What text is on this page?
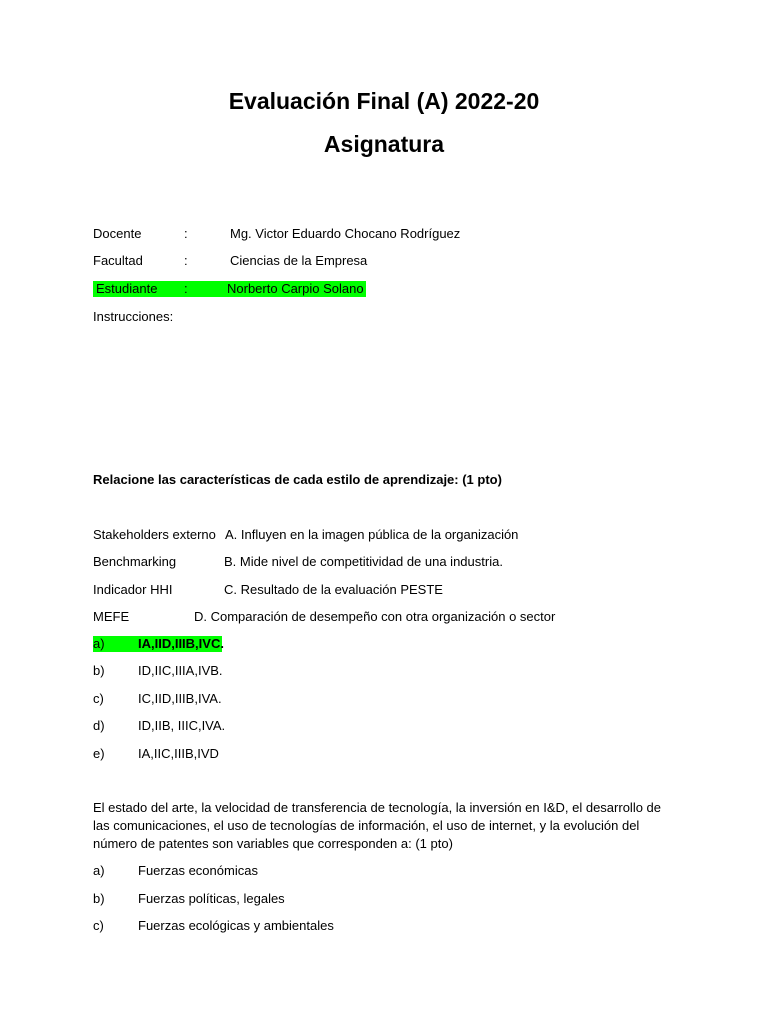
Evaluación Final (A) 2022-20
Asignatura
Docente	:	Mg. Victor Eduardo Chocano Rodríguez
Facultad	:	Ciencias de la Empresa
Estudiante :	Norberto Carpio Solano
Instrucciones:
Relacione las características de cada estilo de aprendizaje: (1 pto)
Stakeholders externo A. Influyen en la imagen pública de la organización
Benchmarking	B. Mide nivel de competitividad de una industria.
Indicador HHI	C. Resultado de la evaluación PESTE
MEFE	D. Comparación de desempeño con otra organización o sector
a)	IA,IID,IIIB,IVC.
b)	ID,IIC,IIIA,IVB.
c)	IC,IID,IIIB,IVA.
d)	ID,IIB, IIIC,IVA.
e)	IA,IIC,IIIB,IVD
El estado del arte, la velocidad de transferencia de tecnología, la inversión en I&D, el desarrollo de
las comunicaciones, el uso de tecnologías de información, el uso de internet, y la evolución del
número de patentes son variables que corresponden a: (1 pto)
a)	Fuerzas económicas
b)	Fuerzas políticas, legales
c)	Fuerzas ecológicas y ambientales
